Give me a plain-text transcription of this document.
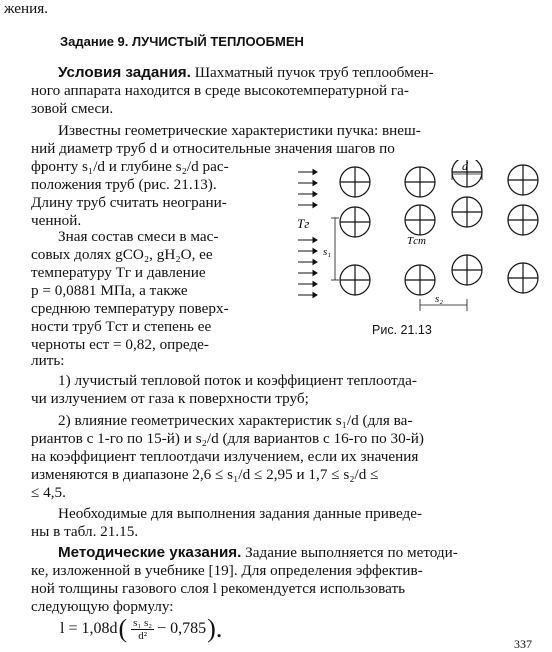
жения.
Задание 9. ЛУЧИСТЫЙ ТЕПЛООБМЕН
Условия задания. Шахматный пучок труб теплообмен-
ного аппарата находится в среде высокотемпературной га-
зовой смеси.
Известны геометрические характеристики пучка: внеш-
ний диаметр труб d и относительные значения шагов по
фронту s₁/d и глубине s₂/d рас-
положения труб (рис. 21.13).
Длину труб считать неограни-
ченной.
Зная состав смеси в мас-
совых долях gCO₂, gH₂O, ее
температуру Tг и давление
p = 0,0881 МПа, а также
среднюю температуру поверх-
ности труб Tст и степень ее
черноты eст = 0,82, опреде-
лить:
Tг
s₁
d
Tст
s₂
Рис. 21.13
1) лучистый тепловой поток и коэффициент теплоотда-
чи излучением от газа к поверхности труб;
2) влияние геометрических характеристик s₁/d (для ва-
риантов с 1-го по 15-й) и s₂/d (для вариантов с 16-го по 30-й)
на коэффициент теплоотдачи излучением, если их значения
изменяются в диапазоне 2,6 ≤ s₁/d ≤ 2,95 и 1,7 ≤ s₂/d ≤
≤ 4,5.
Необходимые для выполнения задания данные приведе-
ны в табл. 21.15.
Методические указания. Задание выполняется по методи-
ке, изложенной в учебнике [19]. Для определения эффектив-
ной толщины газового слоя l рекомендуется использовать
следующую формулу:
l = 1,08d ( $\frac{\text{s₁ s₂}}{\text{d²}} - 0,785$ ).
337
